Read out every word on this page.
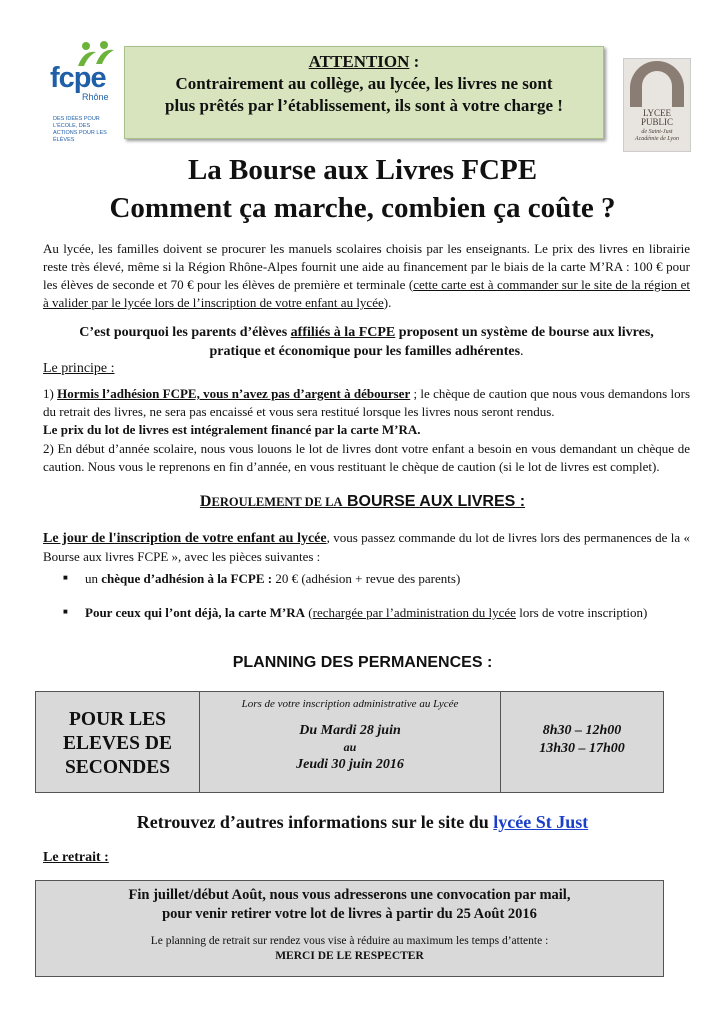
fcpe
Rhône
DES IDÉES POUR L'ÉCOLE, DES ACTIONS POUR LES ÉLÈVES
ATTENTION :
Contrairement au collège, au lycée, les livres ne sont
plus prêtés par l’établissement, ils sont à votre charge !	LYCEE
PUBLIC
de Saint-Just
Académie de Lyon
La Bourse aux Livres FCPE
Comment ça marche, combien ça coûte ?
Au lycée, les familles doivent se procurer les manuels scolaires choisis par les enseignants. Le prix des livres en librairie reste très élevé, même si la Région Rhône-Alpes fournit une aide au financement par le biais de la carte M’RA : 100 € pour les élèves de seconde et 70 € pour les élèves de première et terminale (cette carte est à commander sur le site de la région et à valider par le lycée lors de l’inscription de votre enfant au lycée).
C’est pourquoi les parents d’élèves affiliés à la FCPE proposent un système de bourse aux livres,
pratique et économique pour les familles adhérentes.
Le principe :
1) Hormis l’adhésion FCPE, vous n’avez pas d’argent à débourser ; le chèque de caution que nous vous demandons lors du retrait des livres, ne sera pas encaissé et vous sera restitué lorsque les livres nous seront rendus.
Le prix du lot de livres est intégralement financé par la carte M’RA.
2) En début d’année scolaire, nous vous louons le lot de livres dont votre enfant a besoin en vous demandant un chèque de caution. Nous vous le reprenons en fin d’année, en vous restituant le chèque de caution (si le lot de livres est complet).
DEROULEMENT DE LA BOURSE AUX LIVRES :
Le jour de l'inscription de votre enfant au lycée, vous passez commande du lot de livres lors des permanences de la « Bourse aux livres FCPE », avec les pièces suivantes :
■ un chèque d’adhésion à la FCPE : 20 € (adhésion + revue des parents)
■ Pour ceux qui l’ont déjà, la carte M’RA (rechargée par l’administration du lycée lors de votre inscription)
PLANNING DES PERMANENCES :
POUR LES
ELEVES DE
SECONDES
Lors de votre inscription administrative au Lycée
Du Mardi 28 juin
au
Jeudi 30 juin 2016
8h30 – 12h00
13h30 – 17h00
Retrouvez d’autres informations sur le site du lycée St Just
Le retrait :
Fin juillet/début Août, nous vous adresserons une convocation par mail,
pour venir retirer votre lot de livres à partir du 25 Août 2016
Le planning de retrait sur rendez vous vise à réduire au maximum les temps d’attente :
MERCI DE LE RESPECTER
